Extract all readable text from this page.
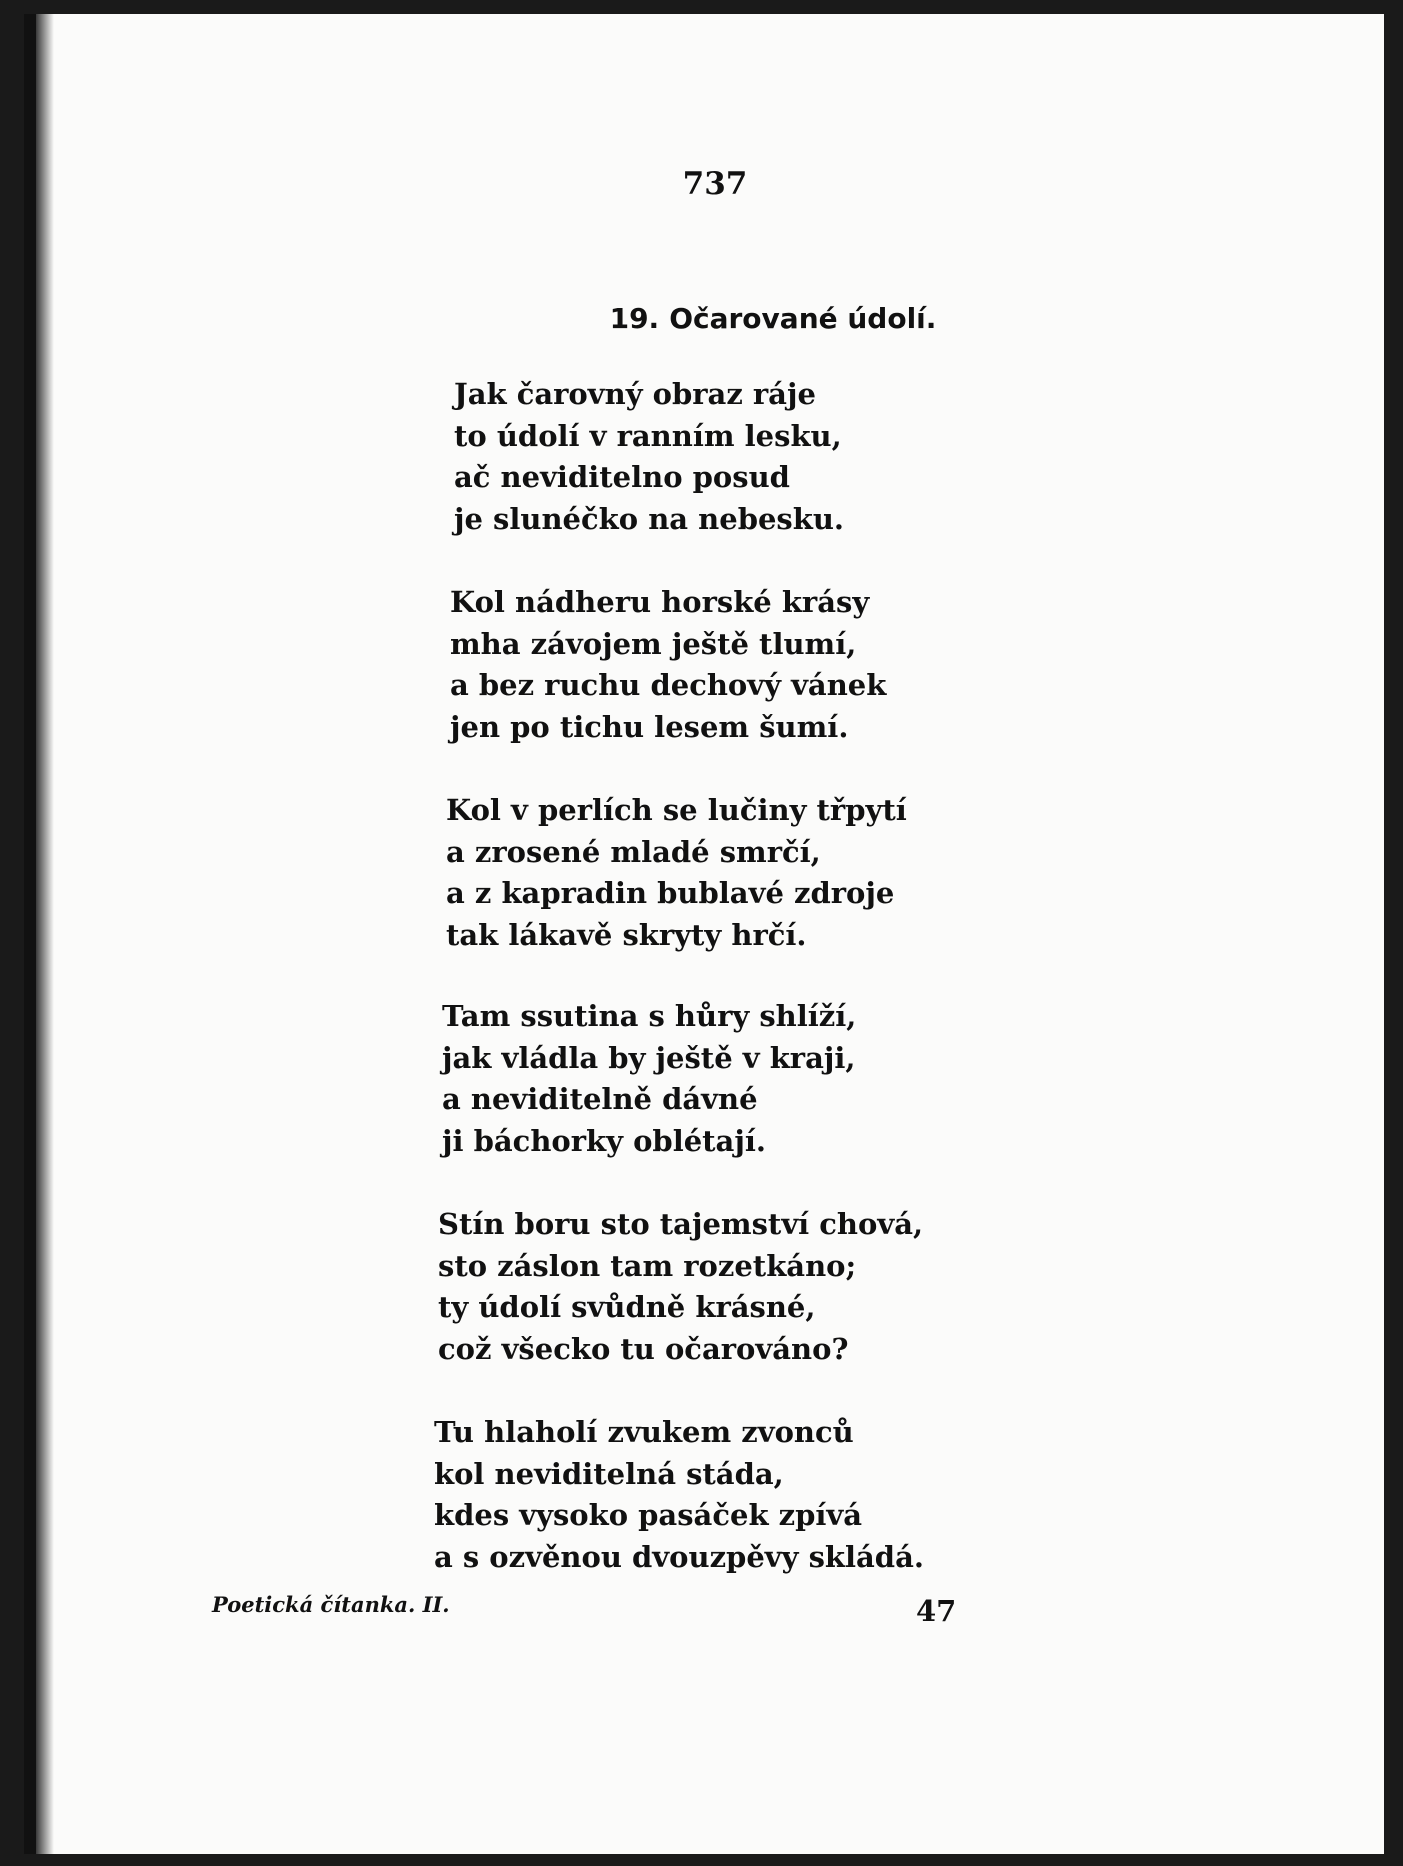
737
19. Očarované údolí.
Jak čarovný obraz ráje
to údolí v ranním lesku,
ač neviditelno posud
je slunéčko na nebesku.
Kol nádheru horské krásy
mha závojem ještě tlumí,
a bez ruchu dechový vánek
jen po tichu lesem šumí.
Kol v perlích se lučiny třpytí
a zrosené mladé smrčí,
a z kapradin bublavé zdroje
tak lákavě skryty hrčí.
Tam ssutina s hůry shlíží,
jak vládla by ještě v kraji,
a neviditelně dávné
ji báchorky oblétají.
Stín boru sto tajemství chová,
sto záslon tam rozetkáno;
ty údolí svůdně krásné,
což všecko tu očarováno?
Tu hlaholí zvukem zvonců
kol neviditelná stáda,
kdes vysoko pasáček zpívá
a s ozvěnou dvouzpěvy skládá.
Poetická čítanka. II.	47
